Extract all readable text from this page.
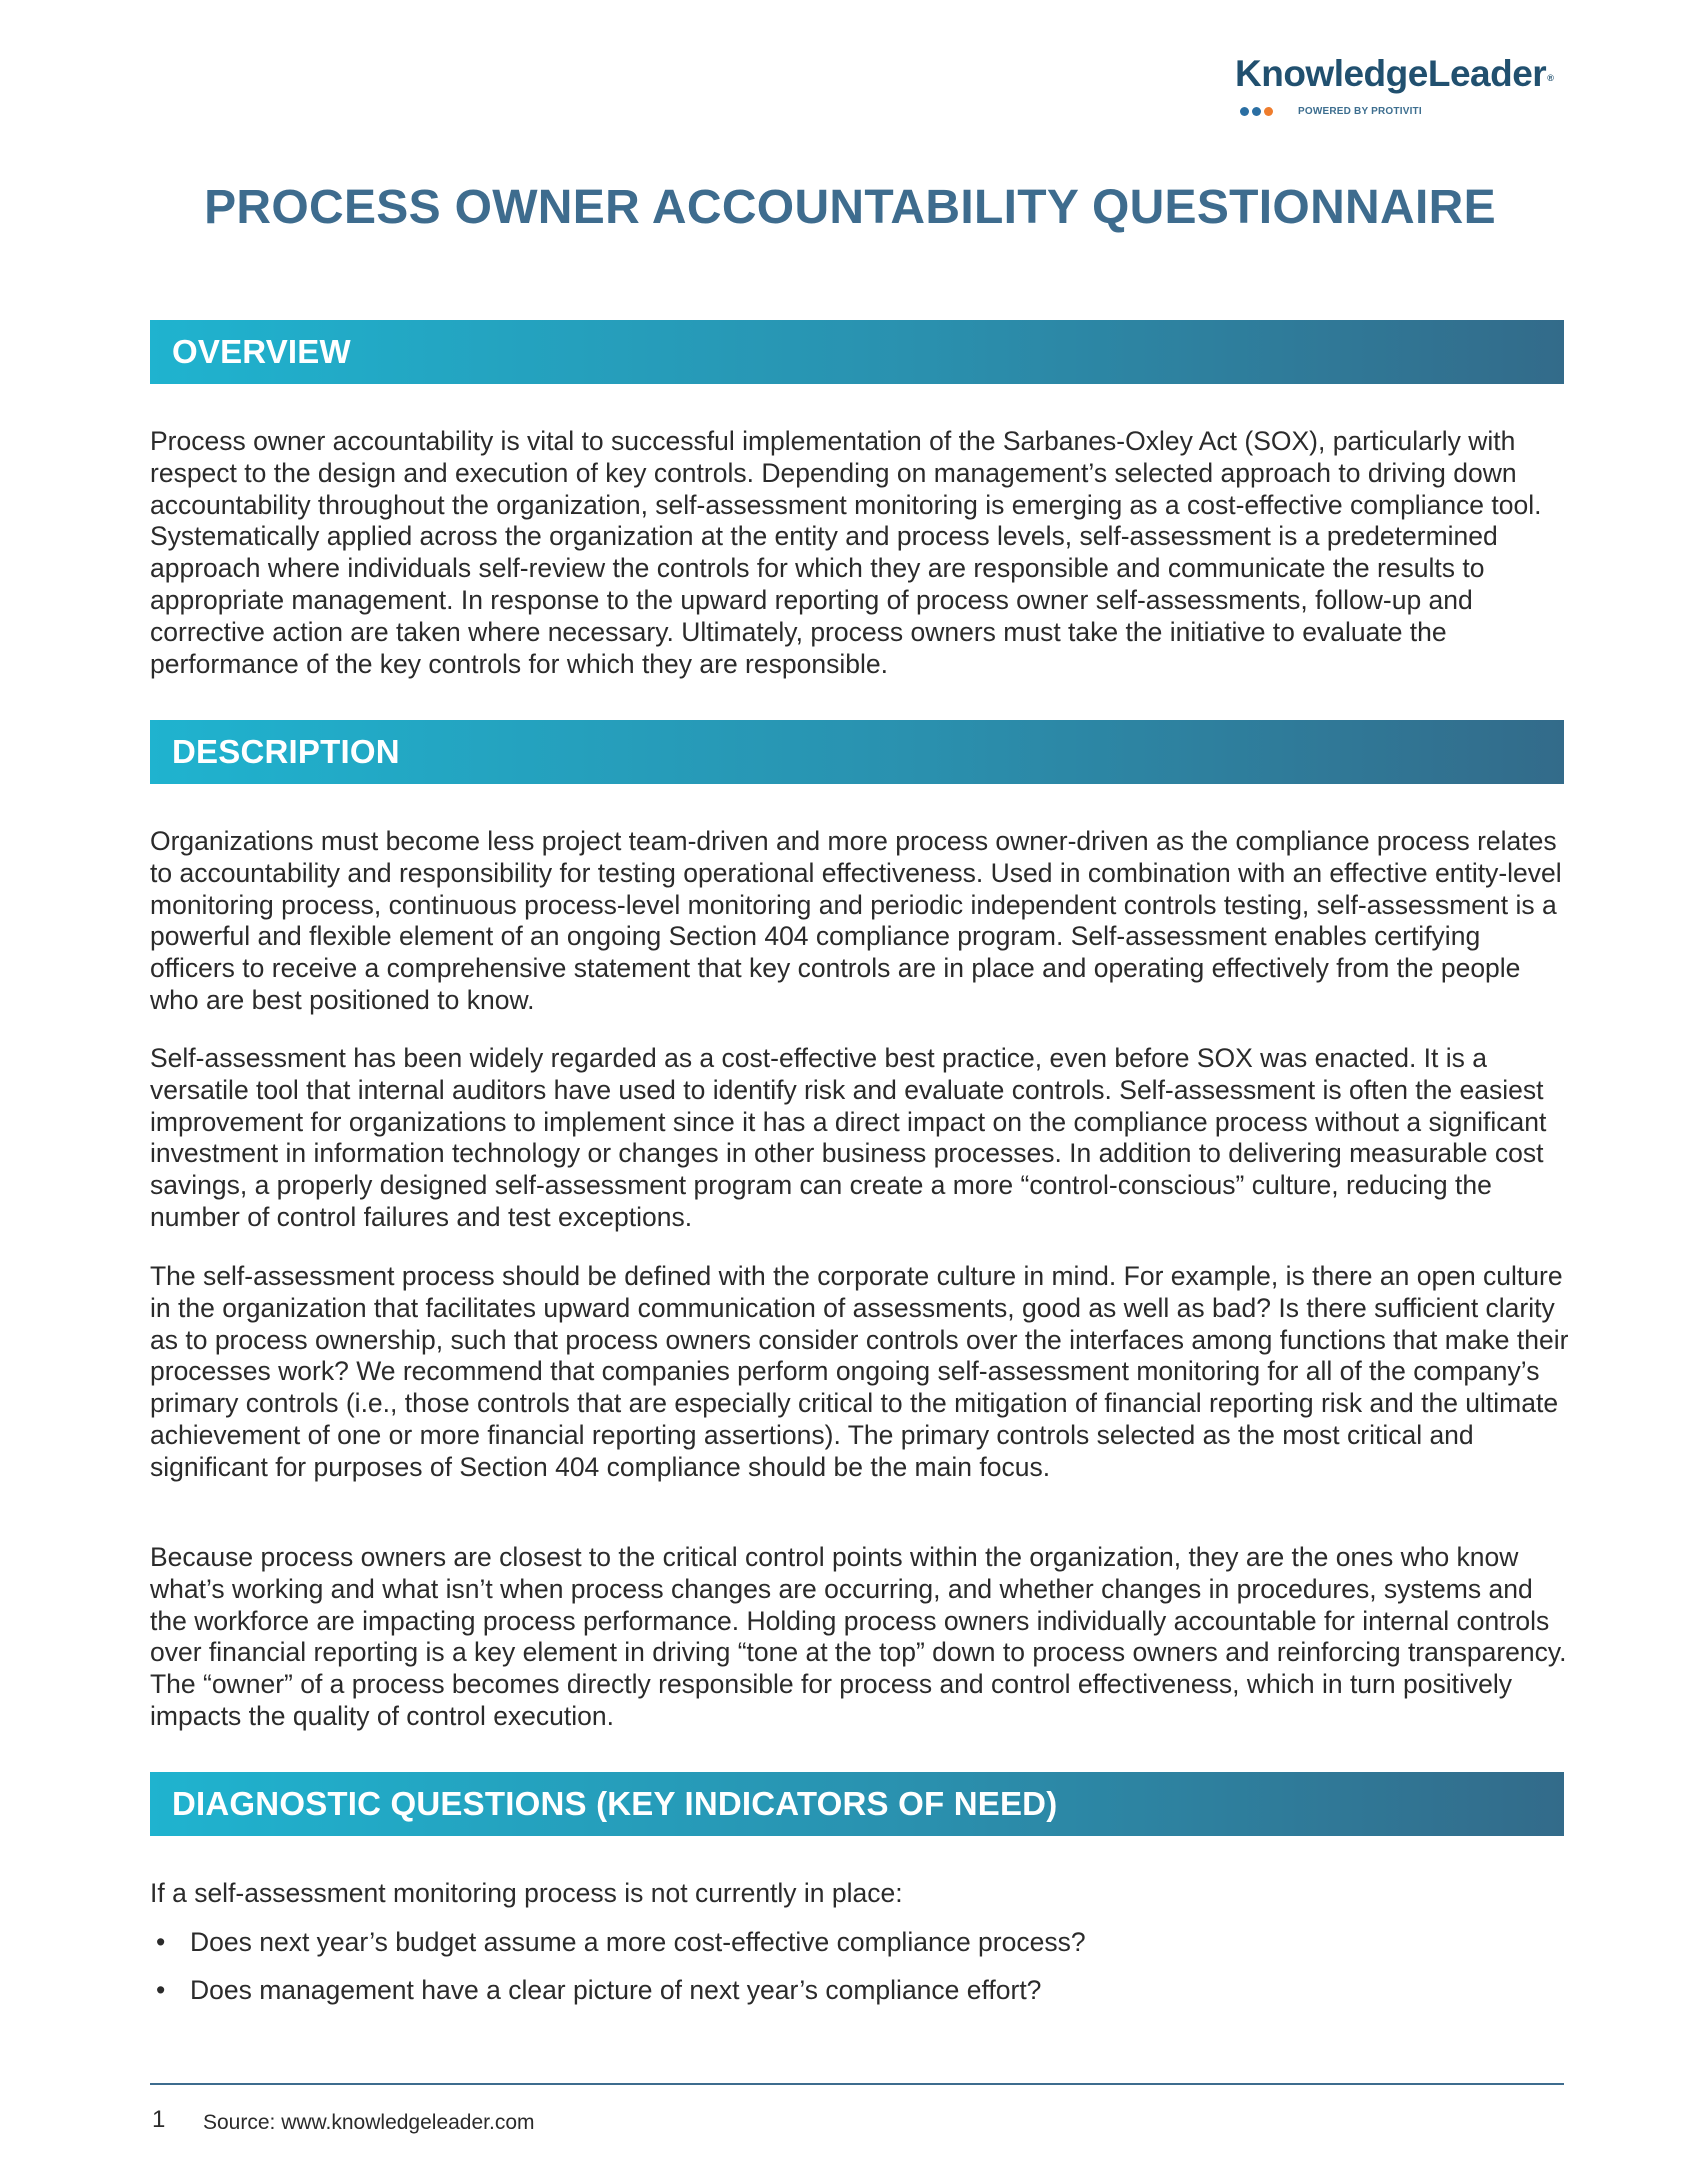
KnowledgeLeader®
POWERED BY PROTIVITI
PROCESS OWNER ACCOUNTABILITY QUESTIONNAIRE
OVERVIEW

Process owner accountability is vital to successful implementation of the Sarbanes-Oxley Act (SOX), particularly with respect to the design and execution of key controls. Depending on management’s selected approach to driving down accountability throughout the organization, self-assessment monitoring is emerging as a cost-effective compliance tool. Systematically applied across the organization at the entity and process levels, self-assessment is a predetermined approach where individuals self-review the controls for which they are responsible and communicate the results to appropriate management. In response to the upward reporting of process owner self-assessments, follow-up and corrective action are taken where necessary. Ultimately, process owners must take the initiative to evaluate the performance of the key controls for which they are responsible.

DESCRIPTION

Organizations must become less project team-driven and more process owner-driven as the compliance process relates to accountability and responsibility for testing operational effectiveness. Used in combination with an effective entity-level monitoring process, continuous process-level monitoring and periodic independent controls testing, self-assessment is a powerful and flexible element of an ongoing Section 404 compliance program. Self-assessment enables certifying officers to receive a comprehensive statement that key controls are in place and operating effectively from the people who are best positioned to know.

Self-assessment has been widely regarded as a cost-effective best practice, even before SOX was enacted. It is a versatile tool that internal auditors have used to identify risk and evaluate controls. Self-assessment is often the easiest improvement for organizations to implement since it has a direct impact on the compliance process without a significant investment in information technology or changes in other business processes. In addition to delivering measurable cost savings, a properly designed self-assessment program can create a more “control-conscious” culture, reducing the number of control failures and test exceptions.

The self-assessment process should be defined with the corporate culture in mind. For example, is there an open culture in the organization that facilitates upward communication of assessments, good as well as bad? Is there sufficient clarity as to process ownership, such that process owners consider controls over the interfaces among functions that make their processes work? We recommend that companies perform ongoing self-assessment monitoring for all of the company’s primary controls (i.e., those controls that are especially critical to the mitigation of financial reporting risk and the ultimate achievement of one or more financial reporting assertions). The primary controls selected as the most critical and significant for purposes of Section 404 compliance should be the main focus.

Because process owners are closest to the critical control points within the organization, they are the ones who know what’s working and what isn’t when process changes are occurring, and whether changes in procedures, systems and the workforce are impacting process performance. Holding process owners individually accountable for internal controls over financial reporting is a key element in driving “tone at the top” down to process owners and reinforcing transparency. The “owner” of a process becomes directly responsible for process and control effectiveness, which in turn positively impacts the quality of control execution.

DIAGNOSTIC QUESTIONS (KEY INDICATORS OF NEED)

If a self-assessment monitoring process is not currently in place:

• Does next year’s budget assume a more cost-effective compliance process?
• Does management have a clear picture of next year’s compliance effort?
1 Source: www.knowledgeleader.com
